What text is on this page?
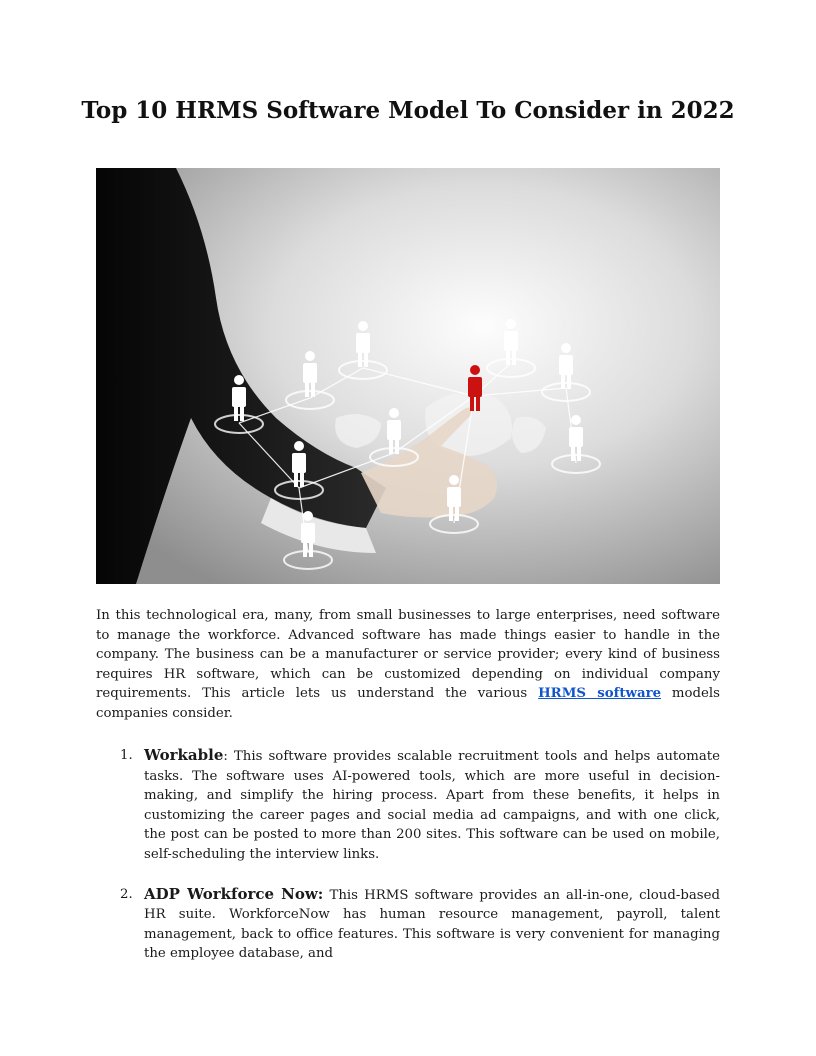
Top 10 HRMS Software Model To Consider in 2022

In this technological era, many, from small businesses to large enterprises, need software to manage the workforce. Advanced software has made things easier to handle in the company. The business can be a manufacturer or service provider; every kind of business requires HR software, which can be customized depending on individual company requirements. This article lets us understand the various HRMS software models companies consider.

1. Workable: This software provides scalable recruitment tools and helps automate tasks. The software uses AI-powered tools, which are more useful in decision-making, and simplify the hiring process. Apart from these benefits, it helps in customizing the career pages and social media ad campaigns, and with one click, the post can be posted to more than 200 sites. This software can be used on mobile, self-scheduling the interview links.
2. ADP Workforce Now: This HRMS software provides an all-in-one, cloud-based HR suite. WorkforceNow has human resource management, payroll, talent management, back to office features. This software is very convenient for managing the employee database, and
